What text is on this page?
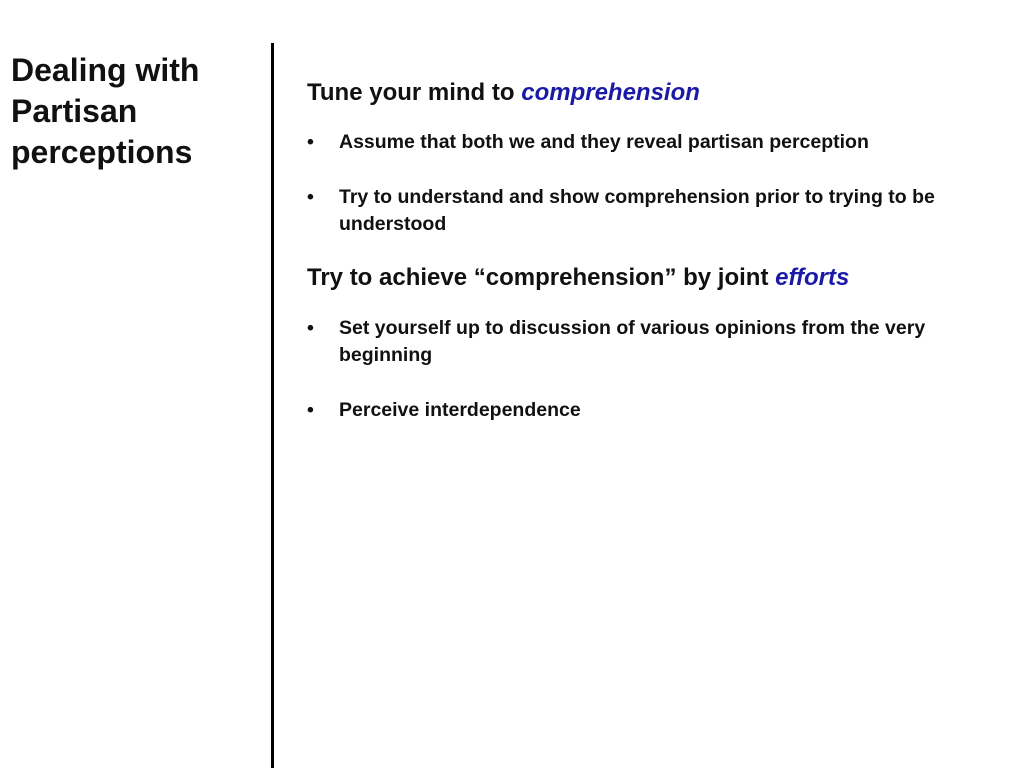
Dealing with
Partisan
perceptions

Tune your mind to comprehension

• Assume that both we and they reveal partisan perception
• Try to understand and show comprehension prior to trying to be understood

Try to achieve “comprehension” by joint efforts

• Set yourself up to discussion of various opinions from the very beginning
• Perceive interdependence
